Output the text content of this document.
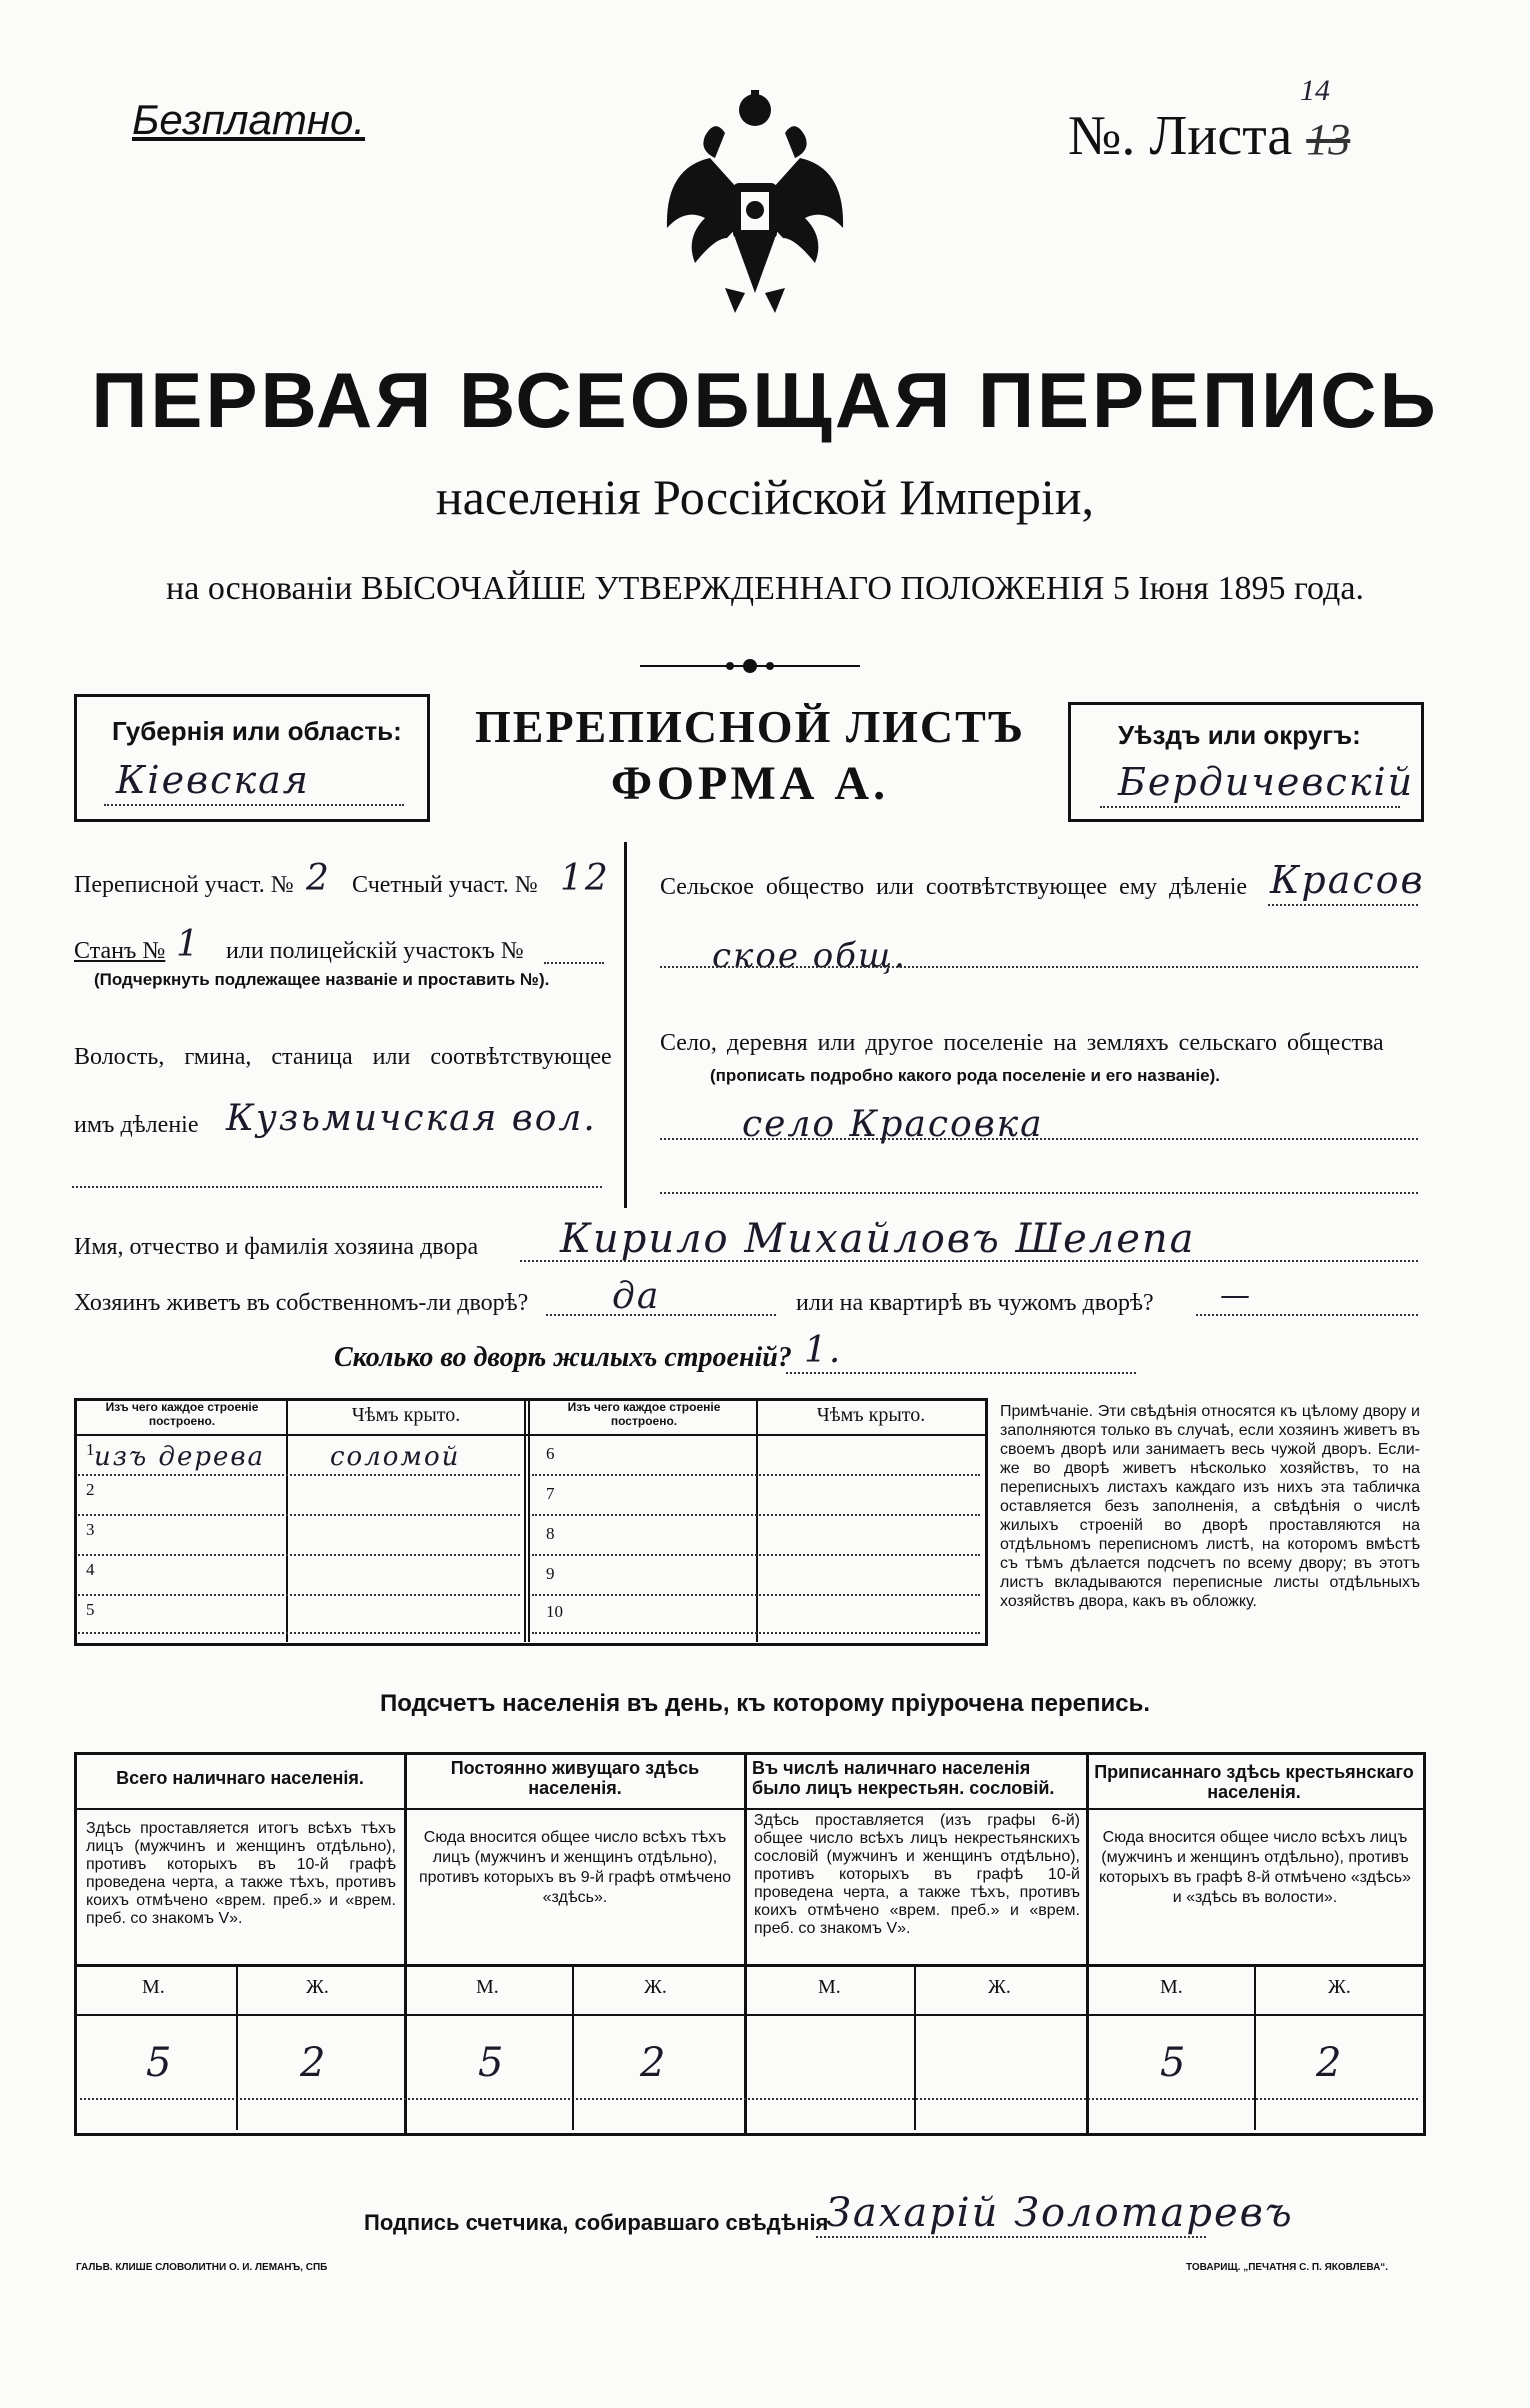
Безплатно.	№. Листа 13
14
ПЕРВАЯ ВСЕОБЩАЯ ПЕРЕПИСЬ
населенія Россійской Имперіи,
на основаніи ВЫСОЧАЙШЕ УТВЕРЖДЕННАГО ПОЛОЖЕНІЯ 5 Іюня 1895 года.
Губернія или область:
Кіевская
ПЕРЕПИСНОЙ ЛИСТЪ
ФОРМА А.
Уѣздъ или округъ:
Бердичевскій
Переписной участ. № 2 Счетный участ. № 12
Станъ № 1 или полицейскій участокъ №
(Подчеркнуть подлежащее названіе и проставить №).
Волость, гмина, станица или соотвѣтствующее
имъ дѣленіе Кузьмичская вол.
Сельское общество или соотвѣтствующее ему дѣленіе Красов
ское общ.
Село, деревня или другое поселеніе на земляхъ сельскаго общества
(прописать подробно какого рода поселеніе и его названіе).
село Красовка
Имя, отчество и фамилія хозяина двора Кирило Михайловъ Шелепа
Хозяинъ живетъ въ собственномъ-ли дворѣ? да	или на квартирѣ въ чужомъ дворѣ? —
Сколько во дворѣ жилыхъ строеній? 1.
Изъ чего каждое строеніе построено.	Чѣмъ крыто.	Изъ чего каждое строеніе построено.	Чѣмъ крыто.
1 изъ дерева соломой
2
3
4
5
6
7
8
9
10
Примѣчаніе. Эти свѣдѣнія относятся къ цѣлому двору и заполняются только въ случаѣ, если хозяинъ живетъ въ своемъ дворѣ или занимаетъ весь чужой дворъ. Если-же во дворѣ живетъ нѣсколько хозяйствъ, то на переписныхъ листахъ каждаго изъ нихъ эта табличка оставляется безъ заполненія, а свѣдѣнія о числѣ жилыхъ строеній во дворѣ проставляются на отдѣльномъ переписномъ листѣ, на которомъ вмѣстѣ съ тѣмъ дѣлается подсчетъ по всему двору; въ этотъ листъ вкладываются переписные листы отдѣльныхъ хозяйствъ двора, какъ въ обложку.
Подсчетъ населенія въ день, къ которому пріурочена перепись.
Всего наличнаго населенія.
Здѣсь проставляется итогъ всѣхъ тѣхъ лицъ (мужчинъ и женщинъ отдѣльно), противъ которыхъ въ 10-й графѣ проведена черта, а также тѣхъ, противъ коихъ отмѣчено «врем. преб.» и «врем. преб. со знакомъ V».
М.	Ж.
5	2
Постоянно живущаго здѣсь населенія.
Сюда вносится общее число всѣхъ тѣхъ лицъ (мужчинъ и женщинъ отдѣльно), противъ которыхъ въ 9-й графѣ отмѣчено «здѣсь».
М.	Ж.
5	2
Въ числѣ наличнаго населенія было лицъ некрестьян. сословій.
Здѣсь проставляется (изъ графы 6-й) общее число всѣхъ лицъ некрестьянскихъ сословій (мужчинъ и женщинъ отдѣльно), противъ которыхъ въ графѣ 10-й проведена черта, а также тѣхъ, противъ коихъ отмѣчено «врем. преб.» и «врем. преб. со знакомъ V».
М.	Ж.
Приписаннаго здѣсь крестьянскаго населенія.
Сюда вносится общее число всѣхъ лицъ (мужчинъ и женщинъ отдѣльно), противъ которыхъ въ графѣ 8-й отмѣчено «здѣсь» и «здѣсь въ волости».
М.	Ж.
5	2
Подпись счетчика, собиравшаго свѣдѣнія
Захарій Золотаревъ
ГАЛЬВ. КЛИШЕ СЛОВОЛИТНИ О. И. ЛЕМАНЪ, СПБ	ТОВАРИЩ. „ПЕЧАТНЯ С. П. ЯКОВЛЕВА“.
